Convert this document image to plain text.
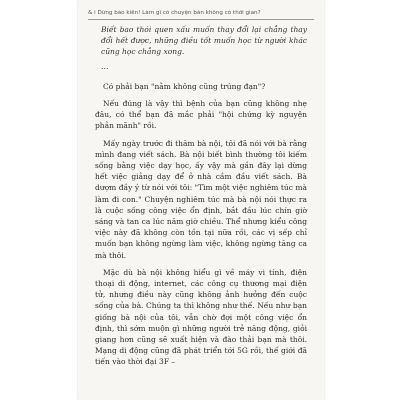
& i Dừng bảo kiến! Làm gì có chuyện bán không có thời gian?

Biết bao thói quen xấu muốn thay đổi lại chẳng thay đổi hết được, những điều tốt muốn học từ người khác cũng học chẳng xong.

…

Có phải bạn "nằm không cũng trúng đạn"?

Nếu đúng là vậy thì bệnh của bạn cũng không nhẹ đâu, có thể bạn đã mắc phải "hội chứng kỳ nguyện phản mãnh" rồi.

Mấy ngày trước đi thăm bà nội, tôi đã nói với bà rằng mình đang viết sách. Bà nội biết bình thường tôi kiếm sống bằng việc dạy học, ấy vậy mà gần đây lại dừng hết việc giảng dạy để ở nhà cầm đầu viết sách. Bà dượm đầy ý từ nói với tôi: "Tìm một việc nghiêm túc mà làm đi con." Chuyện nghiêm túc mà bà nội nói thực ra là cuộc sống công việc ổn định, bắt đầu lúc chín giờ sáng và tan ca lúc năm giờ chiều. Thể nhưng kiểu công việc này đã không còn tồn tại nữa rồi, các vị sếp chỉ muốn bạn không ngừng làm việc, không ngừng tăng ca mà thôi.

Mặc dù bà nội không hiểu gì về máy vi tính, điện thoại di động, internet, các công cụ thương mại điện tử, nhưng điều này cũng không ảnh hưởng đến cuộc sống của bà. Chúng ta thì không như thế. Nếu như bạn giống bà nội của tôi, vẫn chờ đợi một công việc ổn định, thì sớm muộn gì những người trẻ năng động, giỏi giang hơn cũng sẽ xuất hiện và đào thải bạn mà thôi. Mạng di động cũng đã phát triển tới 5G rồi, thế giới đã tiến vào thời đại 3F –
